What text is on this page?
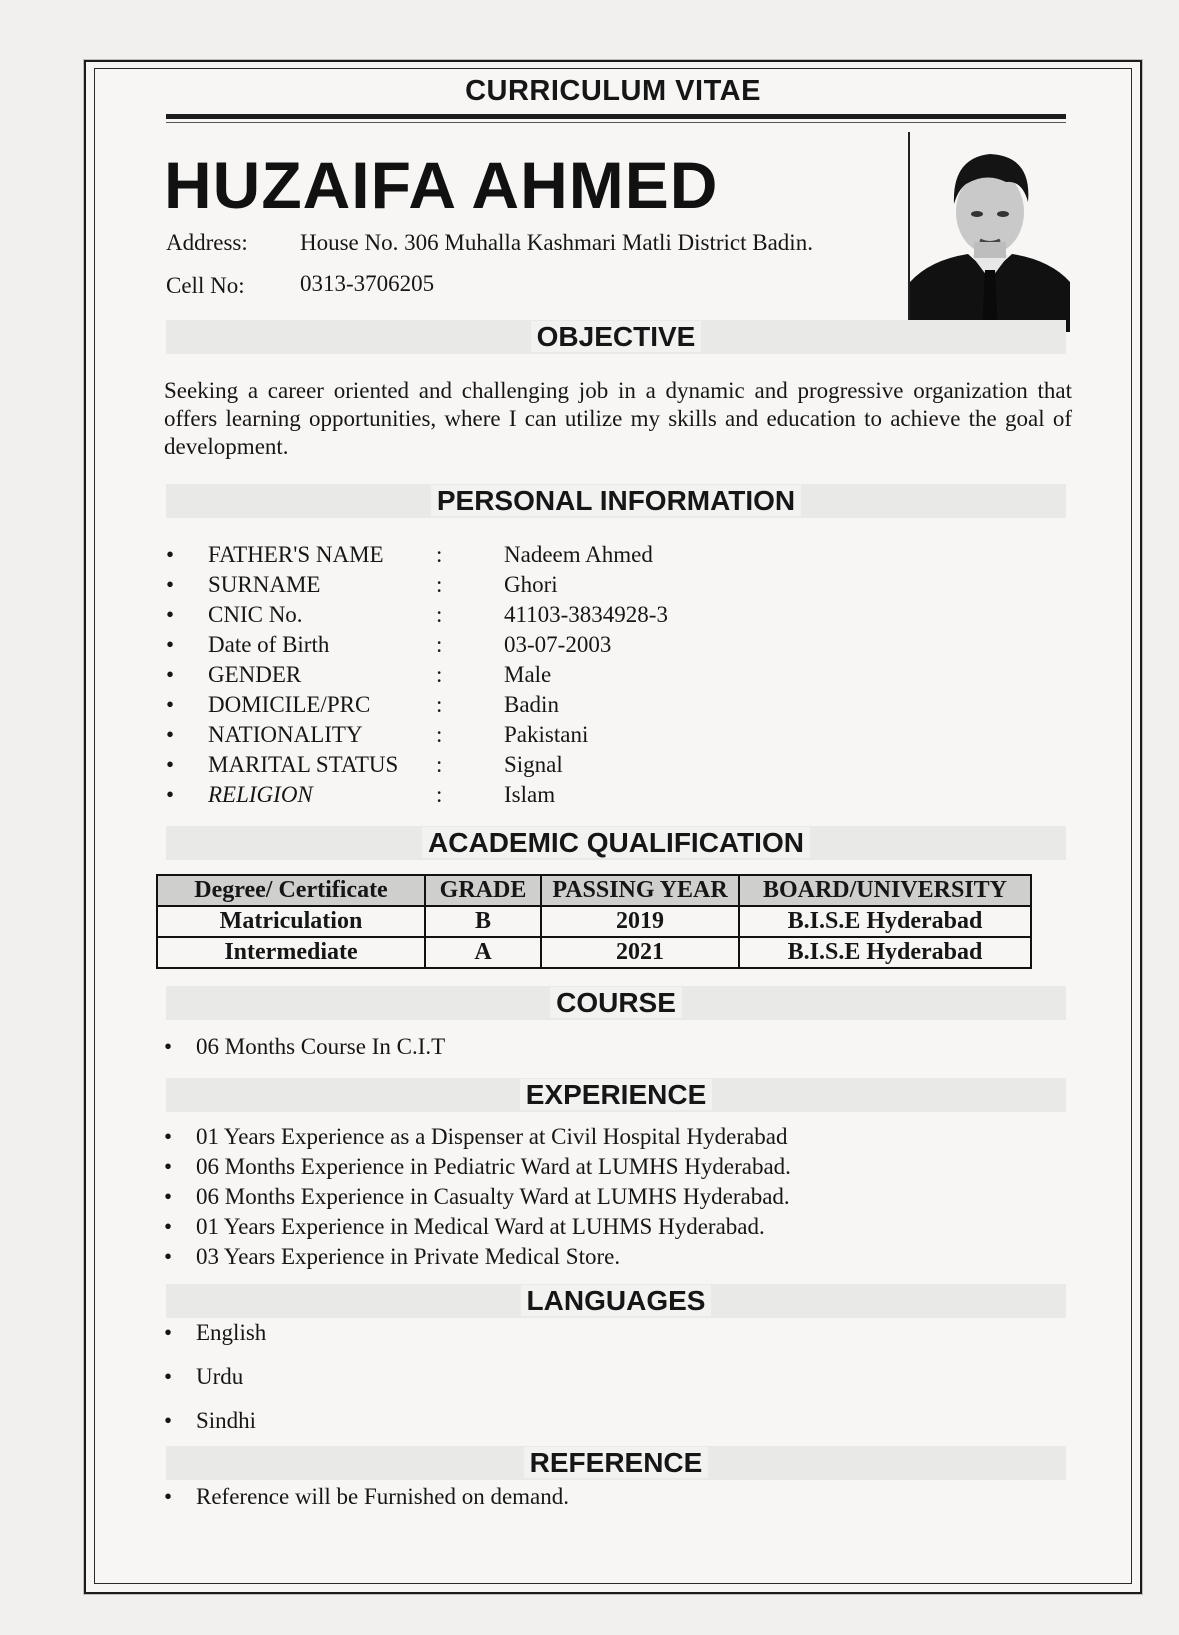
CURRICULUM VITAE
HUZAIFA AHMED
Address: House No. 306 Muhalla Kashmari Matli District Badin.
Cell No: 0313-3706205
OBJECTIVE
Seeking a career oriented and challenging job in a dynamic and progressive organization that offers learning opportunities, where I can utilize my skills and education to achieve the goal of development.
PERSONAL INFORMATION
•	FATHER'S NAME :	Nadeem Ahmed
•	SURNAME	:	Ghori
•	CNIC No.	:	41103-3834928-3
•	Date of Birth	:	03-07-2003
•	GENDER	:	Male
•	DOMICILE/PRC	:	Badin
•	NATIONALITY	:	Pakistani
•	MARITAL STATUS :	Signal
•	RELIGION	:	Islam
ACADEMIC QUALIFICATION
Degree/ Certificate	GRADE	PASSING YEAR	BOARD/UNIVERSITY
Matriculation	B	2019	B.I.S.E Hyderabad
Intermediate	A	2021	B.I.S.E Hyderabad
COURSE
• 06 Months Course In C.I.T
EXPERIENCE
• 01 Years Experience as a Dispenser at Civil Hospital Hyderabad
• 06 Months Experience in Pediatric Ward at LUMHS Hyderabad.
• 06 Months Experience in Casualty Ward at LUMHS Hyderabad.
• 01 Years Experience in Medical Ward at LUHMS Hyderabad.
• 03 Years Experience in Private Medical Store.
LANGUAGES
• English
• Urdu
• Sindhi
REFERENCE
• Reference will be Furnished on demand.
